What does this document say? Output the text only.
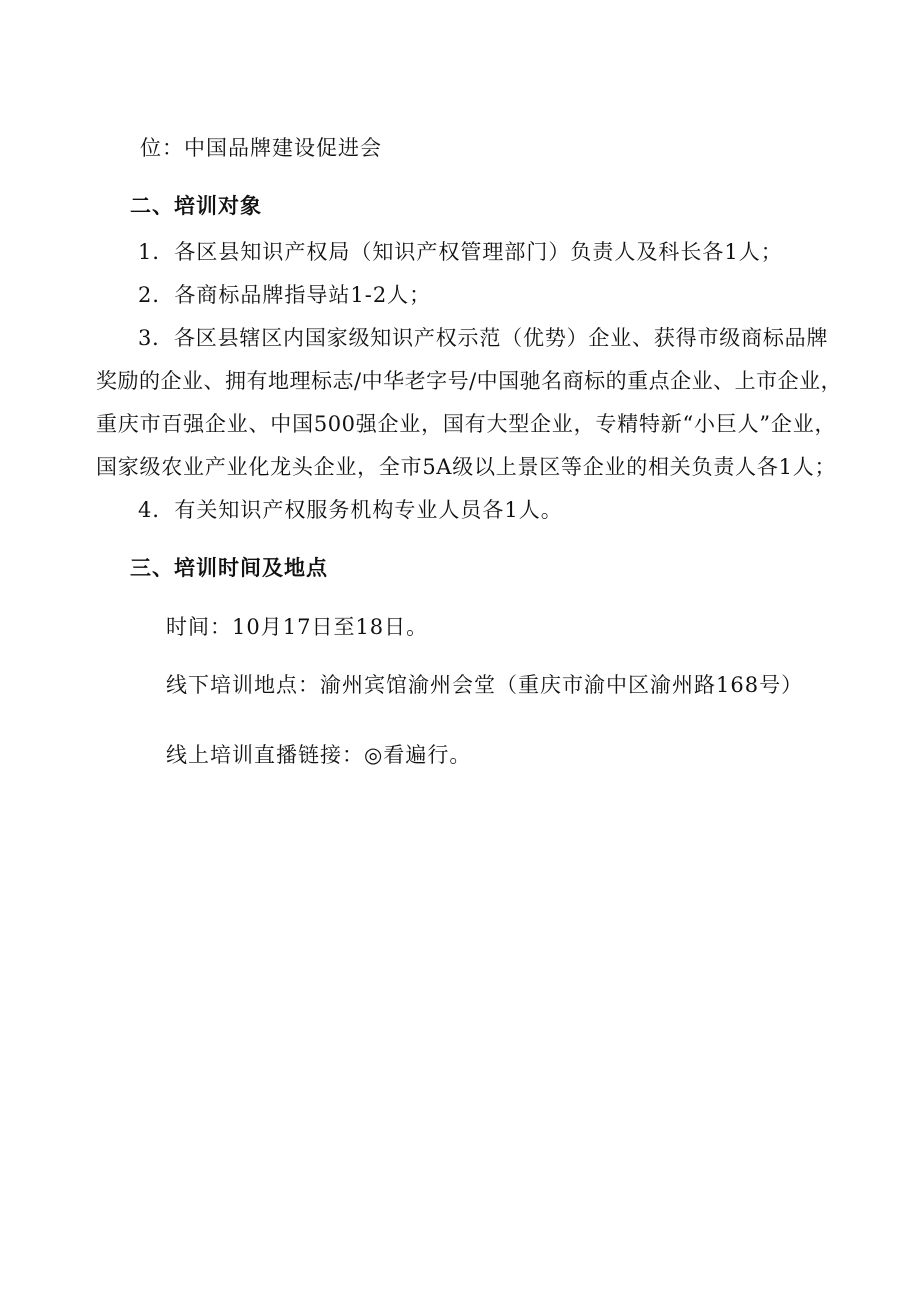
位：中国品牌建设促进会
二、培训对象
1．各区县知识产权局（知识产权管理部门）负责人及科长各1人；
2．各商标品牌指导站1-2人；
3．各区县辖区内国家级知识产权示范（优势）企业、获得市级商标品牌
奖励的企业、拥有地理标志/中华老字号/中国驰名商标的重点企业、上市企业，
重庆市百强企业、中国500强企业，国有大型企业，专精特新“小巨人”企业，
国家级农业产业化龙头企业，全市5A级以上景区等企业的相关负责人各1人；
4．有关知识产权服务机构专业人员各1人。
三、培训时间及地点
时间：10月17日至18日。
线下培训地点：渝州宾馆渝州会堂（重庆市渝中区渝州路168号）
线上培训直播链接：◎看遍行。
